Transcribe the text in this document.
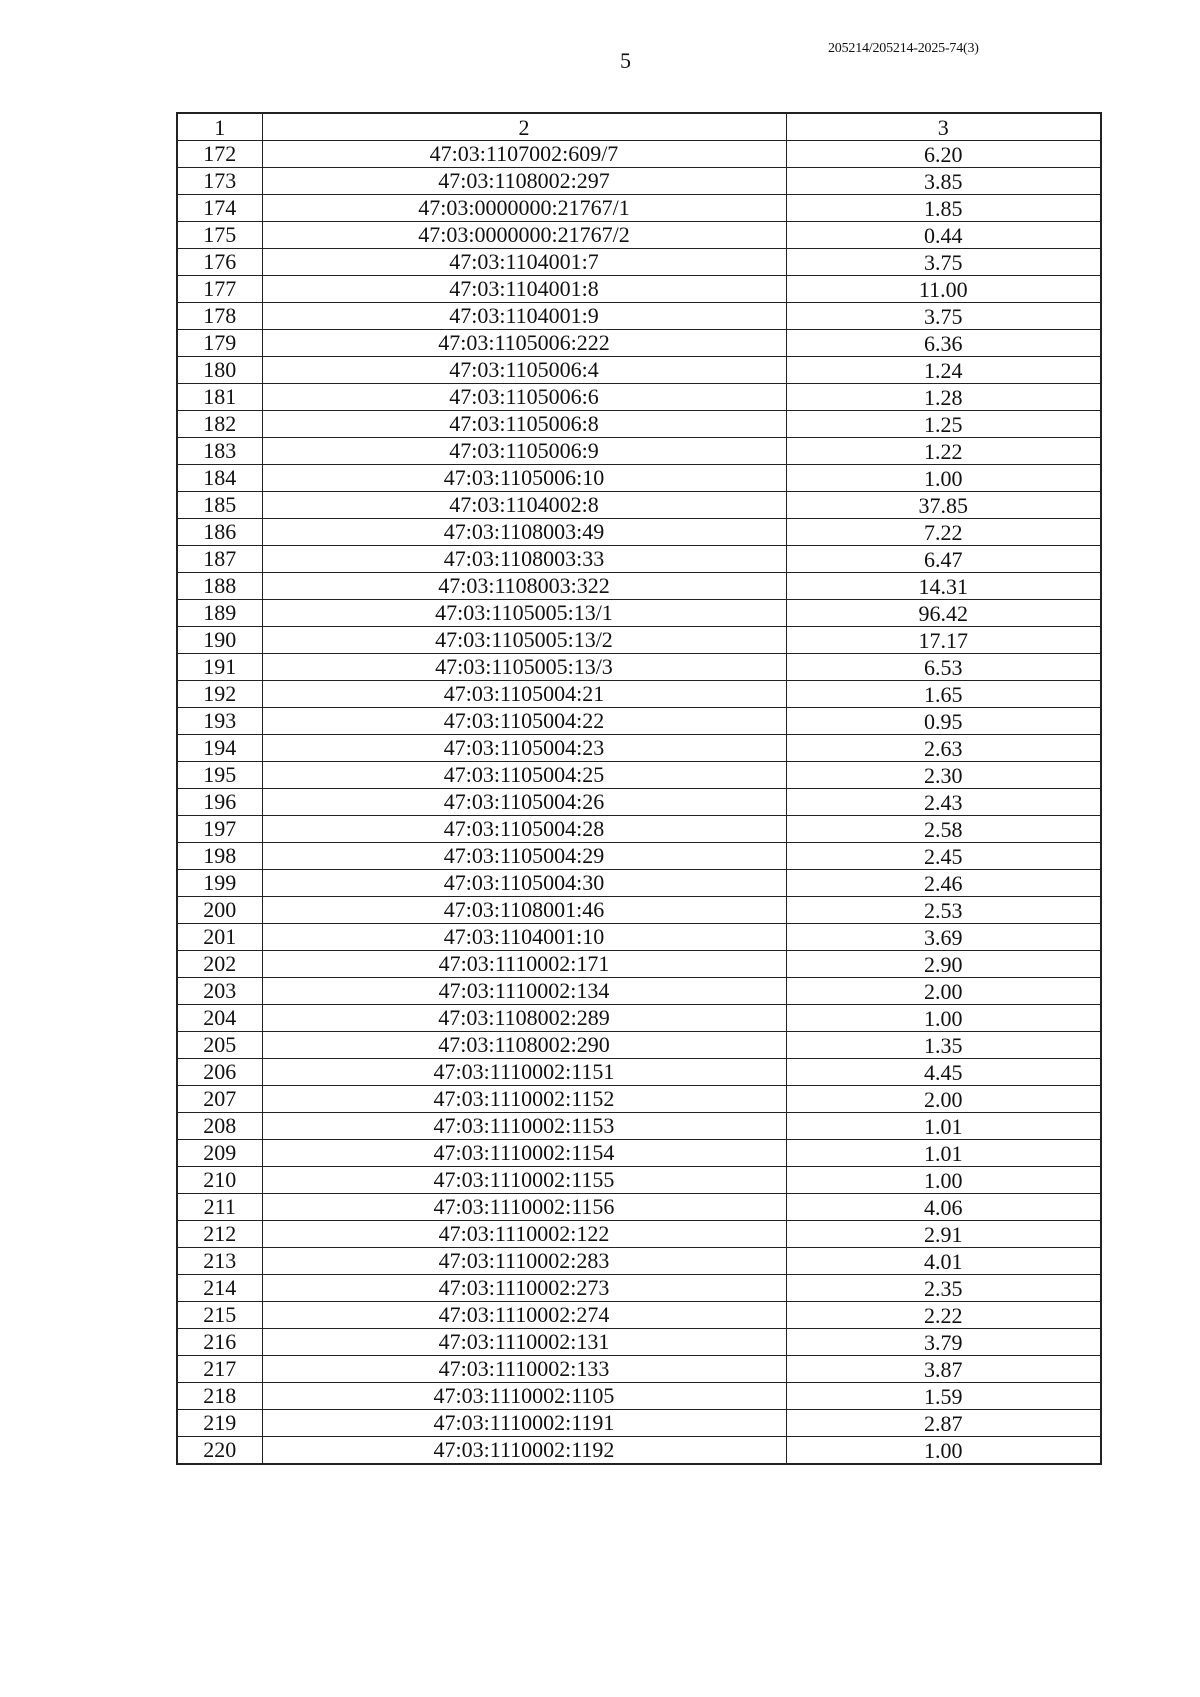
5	205214/205214-2025-74(3)
1	2	3
172	47:03:1107002:609/7	6.20
173	47:03:1108002:297	3.85
174	47:03:0000000:21767/1	1.85
175	47:03:0000000:21767/2	0.44
176	47:03:1104001:7	3.75
177	47:03:1104001:8	11.00
178	47:03:1104001:9	3.75
179	47:03:1105006:222	6.36
180	47:03:1105006:4	1.24
181	47:03:1105006:6	1.28
182	47:03:1105006:8	1.25
183	47:03:1105006:9	1.22
184	47:03:1105006:10	1.00
185	47:03:1104002:8	37.85
186	47:03:1108003:49	7.22
187	47:03:1108003:33	6.47
188	47:03:1108003:322	14.31
189	47:03:1105005:13/1	96.42
190	47:03:1105005:13/2	17.17
191	47:03:1105005:13/3	6.53
192	47:03:1105004:21	1.65
193	47:03:1105004:22	0.95
194	47:03:1105004:23	2.63
195	47:03:1105004:25	2.30
196	47:03:1105004:26	2.43
197	47:03:1105004:28	2.58
198	47:03:1105004:29	2.45
199	47:03:1105004:30	2.46
200	47:03:1108001:46	2.53
201	47:03:1104001:10	3.69
202	47:03:1110002:171	2.90
203	47:03:1110002:134	2.00
204	47:03:1108002:289	1.00
205	47:03:1108002:290	1.35
206	47:03:1110002:1151	4.45
207	47:03:1110002:1152	2.00
208	47:03:1110002:1153	1.01
209	47:03:1110002:1154	1.01
210	47:03:1110002:1155	1.00
211	47:03:1110002:1156	4.06
212	47:03:1110002:122	2.91
213	47:03:1110002:283	4.01
214	47:03:1110002:273	2.35
215	47:03:1110002:274	2.22
216	47:03:1110002:131	3.79
217	47:03:1110002:133	3.87
218	47:03:1110002:1105	1.59
219	47:03:1110002:1191	2.87
220	47:03:1110002:1192	1.00
